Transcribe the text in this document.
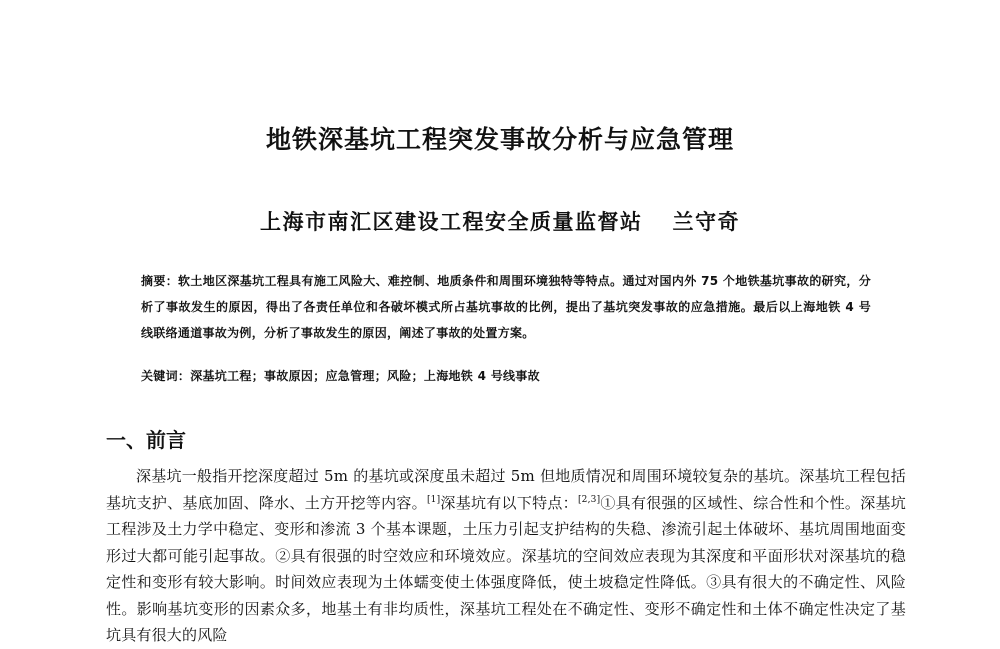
地铁深基坑工程突发事故分析与应急管理
上海市南汇区建设工程安全质量监督站 兰守奇
摘要：软土地区深基坑工程具有施工风险大、难控制、地质条件和周围环境独特等特点。通过对国内外 75 个地铁基坑事故的研究，分析了事故发生的原因，得出了各责任单位和各破坏模式所占基坑事故的比例，提出了基坑突发事故的应急措施。最后以上海地铁 4 号线联络通道事故为例，分析了事故发生的原因，阐述了事故的处置方案。
关键词：深基坑工程；事故原因；应急管理；风险；上海地铁 4 号线事故
一、前言
深基坑一般指开挖深度超过 5m 的基坑或深度虽未超过 5m 但地质情况和周围环境较复杂的基坑。深基坑工程包括基坑支护、基底加固、降水、土方开挖等内容。[1]深基坑有以下特点：[2,3]①具有很强的区域性、综合性和个性。深基坑工程涉及土力学中稳定、变形和渗流 3 个基本课题，土压力引起支护结构的失稳、渗流引起土体破坏、基坑周围地面变形过大都可能引起事故。②具有很强的时空效应和环境效应。深基坑的空间效应表现为其深度和平面形状对深基坑的稳定性和变形有较大影响。时间效应表现为土体蠕变使土体强度降低，使土坡稳定性降低。③具有很大的不确定性、风险性。影响基坑变形的因素众多，地基土有非均质性，深基坑工程处在不确定性、变形不确定性和土体不确定性决定了基坑具有很大的风险
